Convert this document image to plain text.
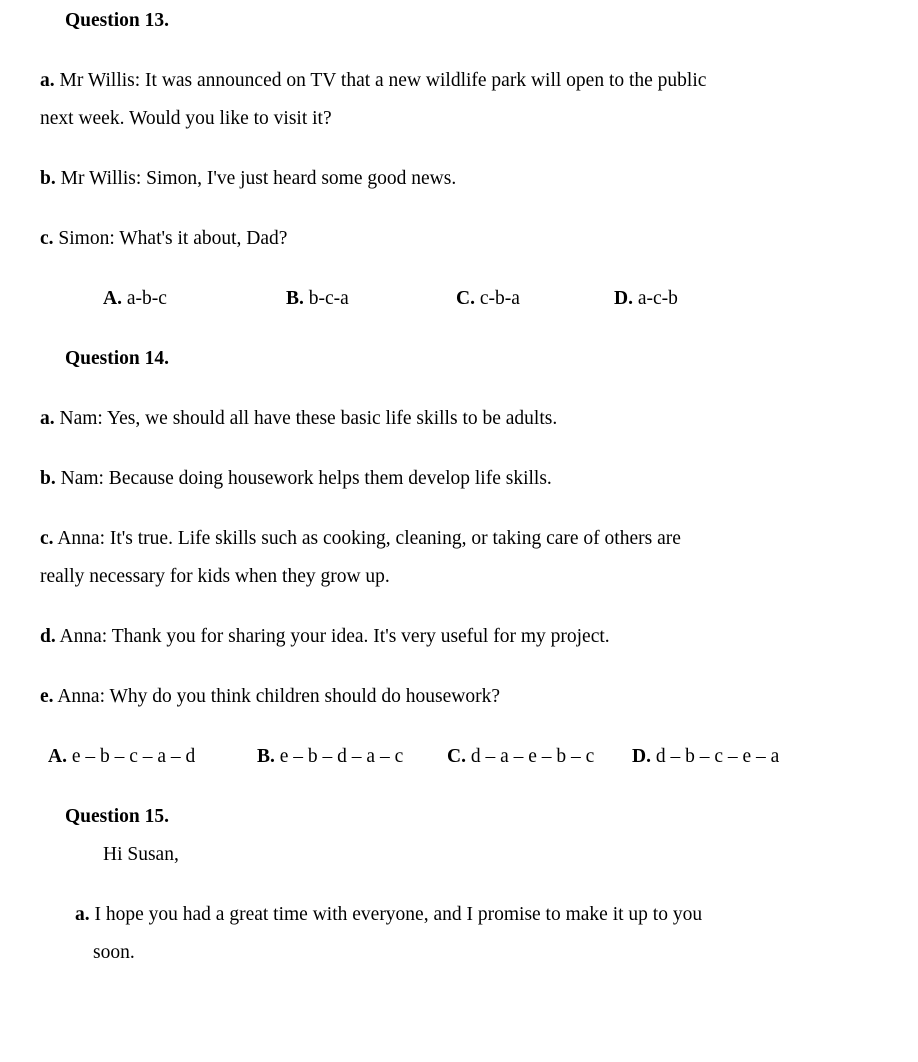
Question 13.

a. Mr Willis: It was announced on TV that a new wildlife park will open to the public
next week. Would you like to visit it?

b. Mr Willis: Simon, I've just heard some good news.

c. Simon: What's it about, Dad?

A. a-b-c	B. b-c-a	C. c-b-a	D. a-c-b
Question 14.

a. Nam: Yes, we should all have these basic life skills to be adults.

b. Nam: Because doing housework helps them develop life skills.

c. Anna: It's true. Life skills such as cooking, cleaning, or taking care of others are
really necessary for kids when they grow up.

d. Anna: Thank you for sharing your idea. It's very useful for my project.

e. Anna: Why do you think children should do housework?

A. e – b – c – a – d	B. e – b – d – a – c C. d – a – e – b – c D. d – b – c – e – a
Question 15.

Hi Susan,

a. I hope you had a great time with everyone, and I promise to make it up to you
soon.
